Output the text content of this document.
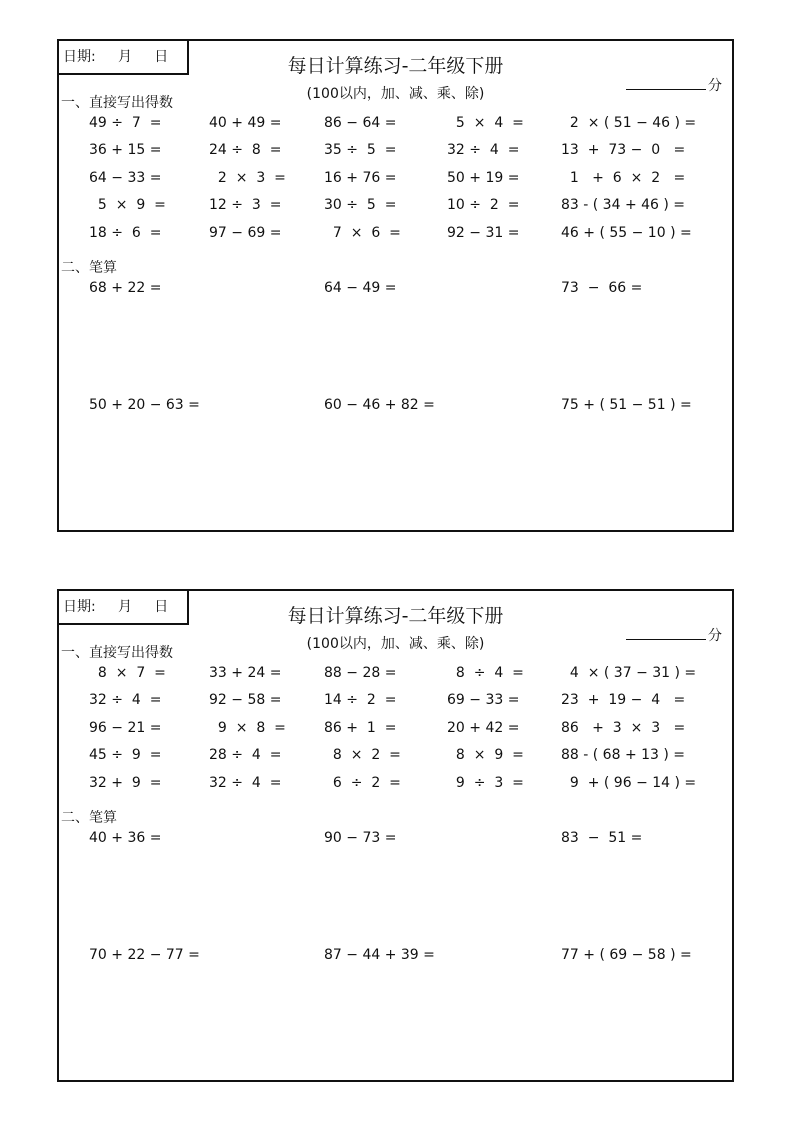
日期:     月     日	每日计算练习-二年级下册
(100以内，加、减、乘、除)	分
一、直接写出得数
二、笔算
49 ÷  7  =	40 + 49 =	86 − 64 =	5  ×  4  =	2  × ( 51 − 46 ) =
36 + 15 =	24 ÷  8  =	35 ÷  5  =	32 ÷  4  =	13  +  73 −  0   =
64 − 33 =	2  ×  3  =	16 + 76 =	50 + 19 =	1   +  6  ×  2   =
5  ×  9  =	12 ÷  3  =	30 ÷  5  =	10 ÷  2  =	83 - ( 34 + 46 ) =
18 ÷  6  =	97 − 69 =	7  ×  6  =	92 − 31 =	46 + ( 55 − 10 ) =
68 + 22 =	64 − 49 =	73  −  66 =
50 + 20 − 63 =	60 − 46 + 82 =	75 + ( 51 − 51 ) =
日期:     月     日	每日计算练习-二年级下册
(100以内，加、减、乘、除)	分
一、直接写出得数
二、笔算
8  ×  7  =	33 + 24 =	88 − 28 =	8  ÷  4  =	4  × ( 37 − 31 ) =
32 ÷  4  =	92 − 58 =	14 ÷  2  =	69 − 33 =	23  +  19 −  4   =
96 − 21 =	9  ×  8  =	86 +  1  =	20 + 42 =	86   +  3  ×  3   =
45 ÷  9  =	28 ÷  4  =	8  ×  2  =	8  ×  9  =	88 - ( 68 + 13 ) =
32 +  9  =	32 ÷  4  =	6  ÷  2  =	9  ÷  3  =	9  + ( 96 − 14 ) =
40 + 36 =	90 − 73 =	83  −  51 =
70 + 22 − 77 =	87 − 44 + 39 =	77 + ( 69 − 58 ) =
